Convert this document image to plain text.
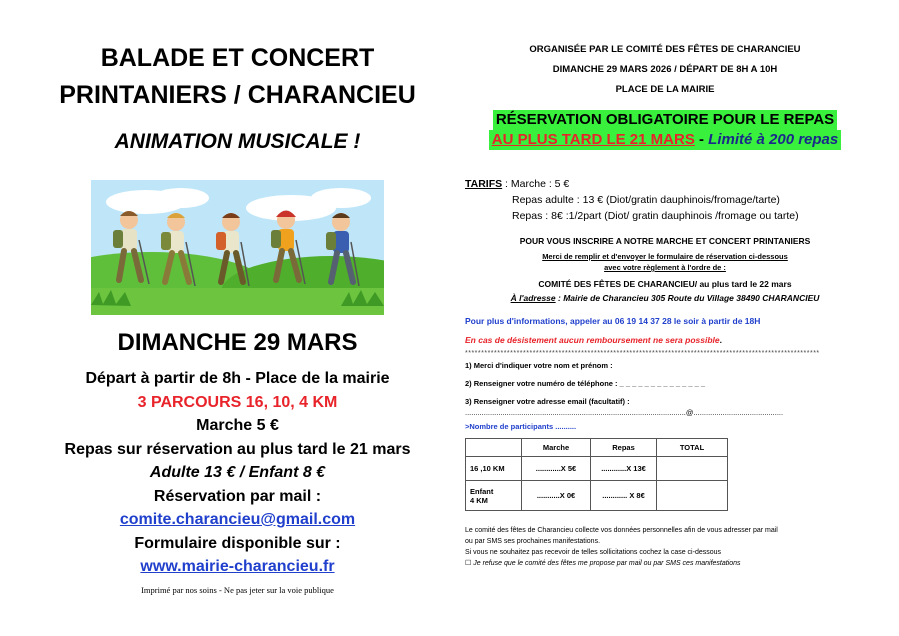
BALADE ET CONCERT
PRINTANIERS / CHARANCIEU
ANIMATION MUSICALE !
DIMANCHE 29 MARS
Départ à partir de 8h - Place de la mairie
3 PARCOURS 16, 10, 4 KM
Marche 5 €
Repas sur réservation au plus tard le 21 mars
Adulte 13 € / Enfant 8 €
Réservation par mail :
comite.charancieu@gmail.com
Formulaire disponible sur :
www.mairie-charancieu.fr
Imprimé par nos soins - Ne pas jeter sur la voie publique
ORGANISÉE PAR LE COMITÉ DES FÊTES DE CHARANCIEU
DIMANCHE 29 MARS 2026 / DÉPART DE 8H A 10H
PLACE DE LA MAIRIE
RÉSERVATION OBLIGATOIRE POUR LE REPAS
AU PLUS TARD LE 21 MARS - Limité à 200 repas
TARIFS : Marche : 5 €
Repas adulte : 13 € (Diot/gratin dauphinois/fromage/tarte)
Repas : 8€ :1/2part (Diot/ gratin dauphinois /fromage ou tarte)
POUR VOUS INSCRIRE A NOTRE MARCHE ET CONCERT PRINTANIERS
Merci de remplir et d'envoyer le formulaire de réservation ci-dessous
avec votre règlement à l'ordre de :
COMITÉ DES FÊTES DE CHARANCIEU/ au plus tard le 22 mars
À l'adresse : Mairie de Charancieu 305 Route du Village 38490 CHARANCIEU
Pour plus d'informations, appeler au 06 19 14 37 28 le soir à partir de 18H
En cas de désistement aucun remboursement ne sera possible.
**************************************************************************************************************
1) Merci d'indiquer votre nom et prénom :
2) Renseigner votre numéro de téléphone : _ _ _ _ _ _ _ _ _ _ _ _ _ _
3) Renseigner votre adresse email (facultatif) :
..........................................................................................................@...........................................
>Nombre de participants ..........
	Marche	Repas	TOTAL
16 ,10 KM	............X 5€	............X 13€	

Enfant
4 KM	...........X 0€	............ X 8€	
Le comité des fêtes de Charancieu collecte vos données personnelles afin de vous adresser par mail
ou par SMS ses prochaines manifestations.
Si vous ne souhaitez pas recevoir de telles sollicitations cochez la case ci-dessous
☐ Je refuse que le comité des fêtes me propose par mail ou par SMS ces manifestations
